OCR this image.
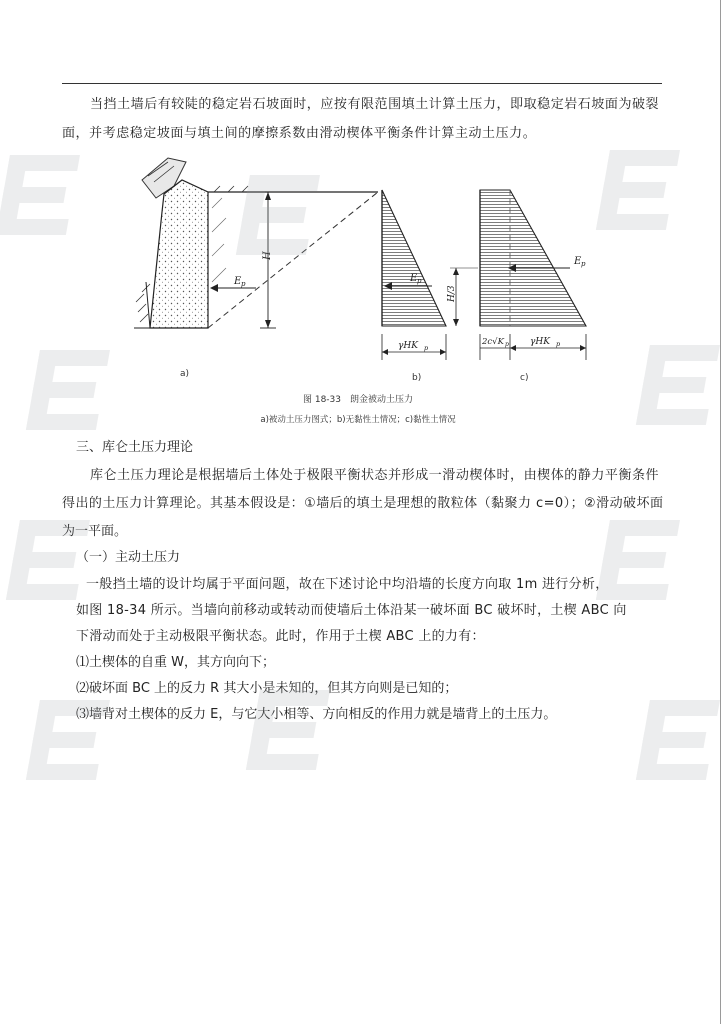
当挡土墙后有较陡的稳定岩石坡面时，应按有限范围填土计算土压力，即取稳定岩石坡面为破裂
面，并考虑稳定坡面与填土间的摩擦系数由滑动楔体平衡条件计算主动土压力。
H
E p
a)
E p
γHK p
b)
E p
H/3
2c√K p γHK p
c)
图 18-33　朗金被动土压力
a)被动土压力图式；b)无黏性土情况；c)黏性土情况
三、库仑土压力理论
库仑土压力理论是根据墙后土体处于极限平衡状态并形成一滑动楔体时，由楔体的静力平衡条件
得出的土压力计算理论。其基本假设是：①墙后的填土是理想的散粒体（黏聚力 c=0）；②滑动破坏面
为一平面。
（一）主动土压力
一般挡土墙的设计均属于平面问题，故在下述讨论中均沿墙的长度方向取 1m 进行分析，
如图 18-34 所示。当墙向前移动或转动而使墙后土体沿某一破坏面 BC 破坏时，土楔 ABC 向
下滑动而处于主动极限平衡状态。此时，作用于土楔 ABC 上的力有：
⑴土楔体的自重 W，其方向向下；
⑵破坏面 BC 上的反力 R 其大小是未知的，但其方向则是已知的；
⑶墙背对土楔体的反力 E，与它大小相等、方向相反的作用力就是墙背上的土压力。
